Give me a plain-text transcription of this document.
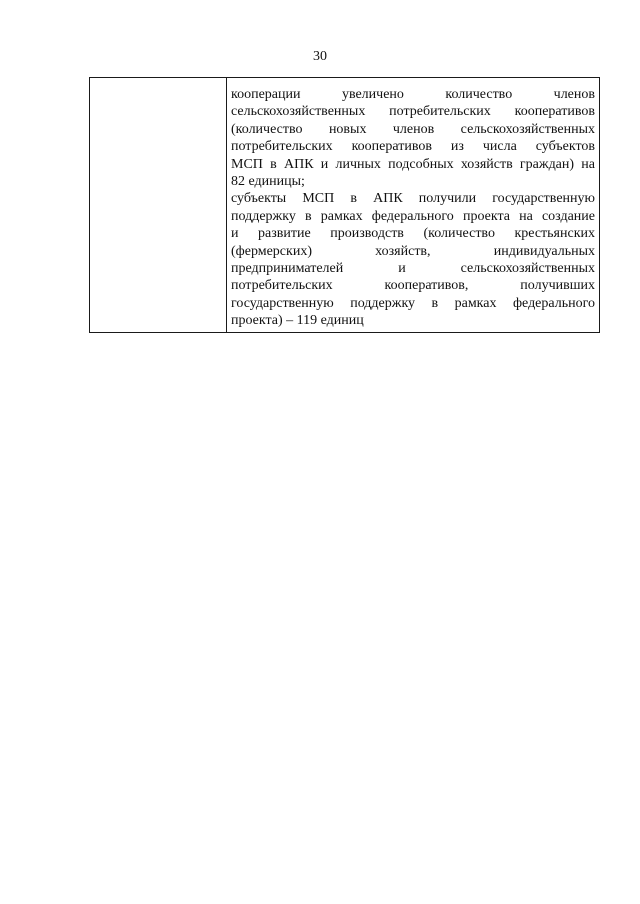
30
кооперации увеличено количество членов
сельскохозяйственных потребительских кооперативов
(количество новых членов сельскохозяйственных
потребительских кооперативов из числа субъектов
МСП в АПК и личных подсобных хозяйств граждан) на
82 единицы;
субъекты МСП в АПК получили государственную
поддержку в рамках федерального проекта на создание
и развитие производств (количество крестьянских
(фермерских) хозяйств, индивидуальных
предпринимателей и сельскохозяйственных
потребительских кооперативов, получивших
государственную поддержку в рамках федерального
проекта) – 119 единиц
